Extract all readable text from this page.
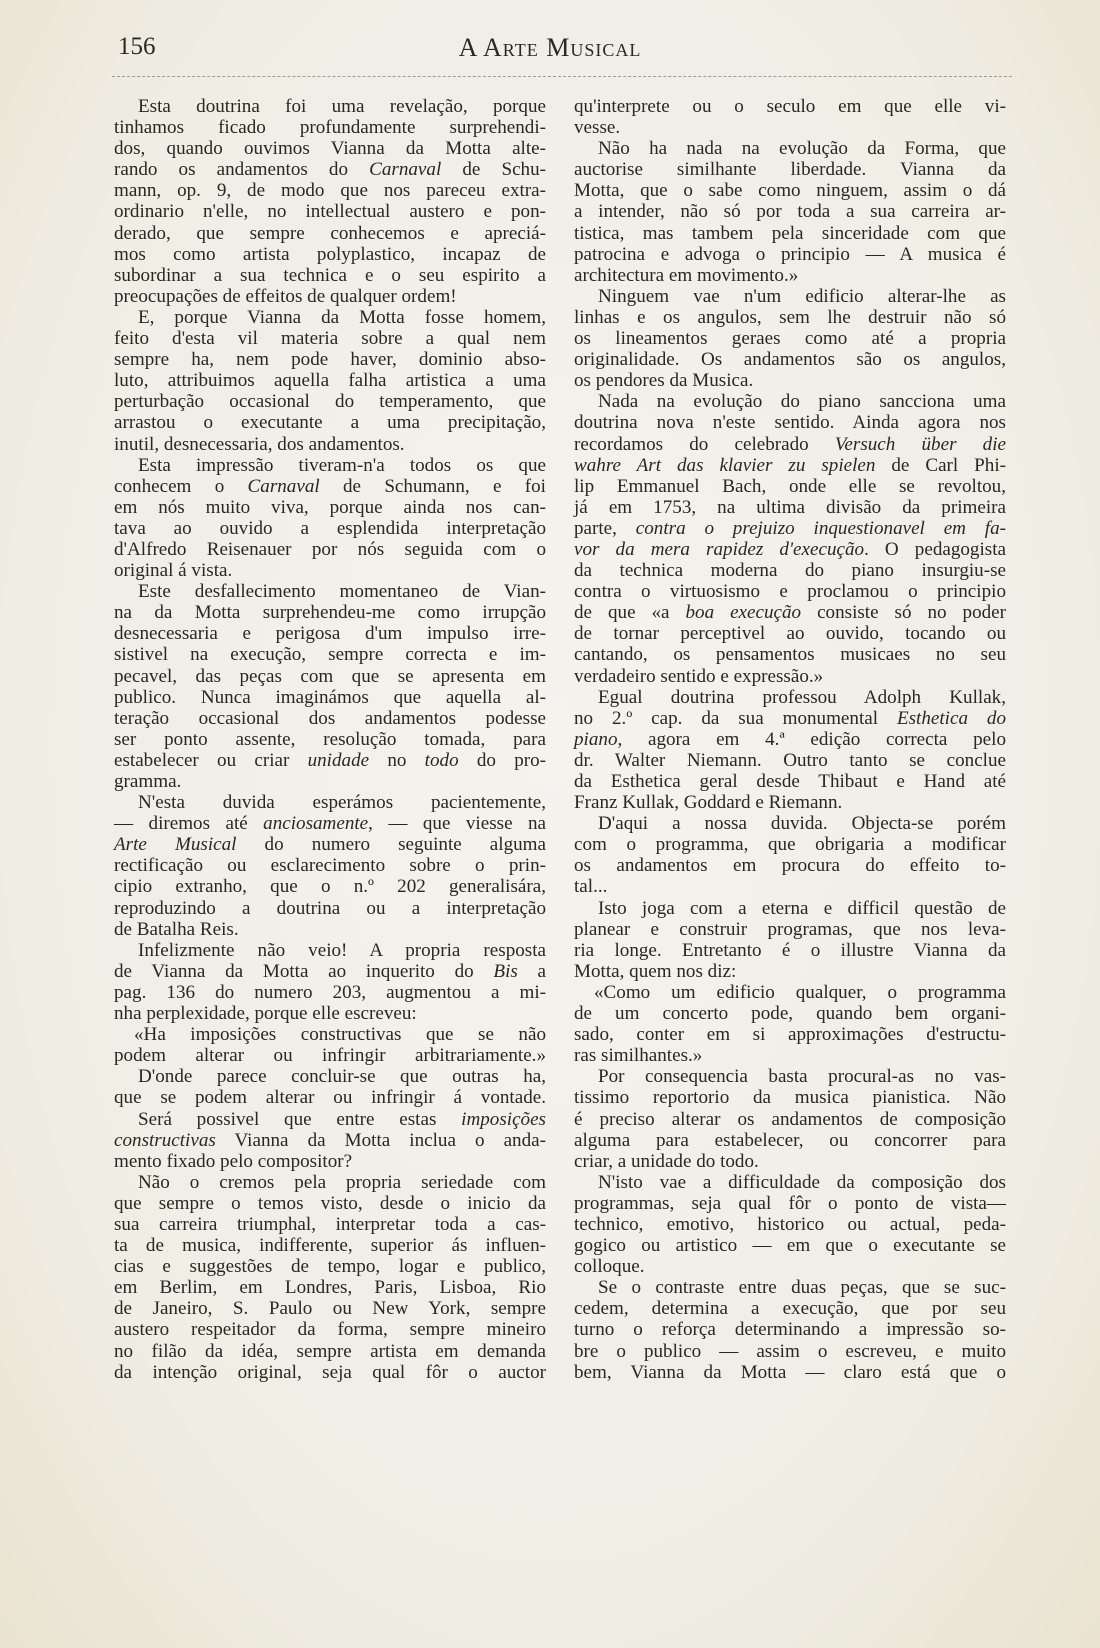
156	A Arte Musical
Esta doutrina foi uma revelação, porque
tinhamos ficado profundamente surprehendi-
dos, quando ouvimos Vianna da Motta alte-
rando os andamentos do Carnaval de Schu-
mann, op. 9, de modo que nos pareceu extra-
ordinario n'elle, no intellectual austero e pon-
derado, que sempre conhecemos e apreciá-
mos como artista polyplastico, incapaz de
subordinar a sua technica e o seu espirito a
preocupações de effeitos de qualquer ordem!
E, porque Vianna da Motta fosse homem,
feito d'esta vil materia sobre a qual nem
sempre ha, nem pode haver, dominio abso-
luto, attribuimos aquella falha artistica a uma
perturbação occasional do temperamento, que
arrastou o executante a uma precipitação,
inutil, desnecessaria, dos andamentos.
Esta impressão tiveram-n'a todos os que
conhecem o Carnaval de Schumann, e foi
em nós muito viva, porque ainda nos can-
tava ao ouvido a esplendida interpretação
d'Alfredo Reisenauer por nós seguida com o
original á vista.
Este desfallecimento momentaneo de Vian-
na da Motta surprehendeu-me como irrupção
desnecessaria e perigosa d'um impulso irre-
sistivel na execução, sempre correcta e im-
pecavel, das peças com que se apresenta em
publico. Nunca imaginámos que aquella al-
teração occasional dos andamentos podesse
ser ponto assente, resolução tomada, para
estabelecer ou criar unidade no todo do pro-
gramma.
N'esta duvida esperámos pacientemente,
— diremos até anciosamente, — que viesse na
Arte Musical do numero seguinte alguma
rectificação ou esclarecimento sobre o prin-
cipio extranho, que o n.º 202 generalisára,
reproduzindo a doutrina ou a interpretação
de Batalha Reis.
Infelizmente não veio! A propria resposta
de Vianna da Motta ao inquerito do Bis a
pag. 136 do numero 203, augmentou a mi-
nha perplexidade, porque elle escreveu:
«Ha imposições constructivas que se não
podem alterar ou infringir arbitrariamente.»
D'onde parece concluir-se que outras ha,
que se podem alterar ou infringir á vontade.
Será possivel que entre estas imposições
constructivas Vianna da Motta inclua o anda-
mento fixado pelo compositor?
Não o cremos pela propria seriedade com
que sempre o temos visto, desde o inicio da
sua carreira triumphal, interpretar toda a cas-
ta de musica, indifferente, superior ás influen-
cias e suggestões de tempo, logar e publico,
em Berlim, em Londres, Paris, Lisboa, Rio
de Janeiro, S. Paulo ou New York, sempre
austero respeitador da forma, sempre mineiro
no filão da idéa, sempre artista em demanda
da intenção original, seja qual fôr o auctor
qu'interprete ou o seculo em que elle vi-
vesse.
Não ha nada na evolução da Forma, que
auctorise similhante liberdade. Vianna da
Motta, que o sabe como ninguem, assim o dá
a intender, não só por toda a sua carreira ar-
tistica, mas tambem pela sinceridade com que
patrocina e advoga o principio — A musica é
architectura em movimento.»
Ninguem vae n'um edificio alterar-lhe as
linhas e os angulos, sem lhe destruir não só
os lineamentos geraes como até a propria
originalidade. Os andamentos são os angulos,
os pendores da Musica.
Nada na evolução do piano sancciona uma
doutrina nova n'este sentido. Ainda agora nos
recordamos do celebrado Versuch über die
wahre Art das klavier zu spielen de Carl Phi-
lip Emmanuel Bach, onde elle se revoltou,
já em 1753, na ultima divisão da primeira
parte, contra o prejuizo inquestionavel em fa-
vor da mera rapidez d'execução. O pedagogista
da technica moderna do piano insurgiu-se
contra o virtuosismo e proclamou o principio
de que «a boa execução consiste só no poder
de tornar perceptivel ao ouvido, tocando ou
cantando, os pensamentos musicaes no seu
verdadeiro sentido e expressão.»
Egual doutrina professou Adolph Kullak,
no 2.º cap. da sua monumental Esthetica do
piano, agora em 4.ª edição correcta pelo
dr. Walter Niemann. Outro tanto se conclue
da Esthetica geral desde Thibaut e Hand até
Franz Kullak, Goddard e Riemann.
D'aqui a nossa duvida. Objecta-se porém
com o programma, que obrigaria a modificar
os andamentos em procura do effeito to-
tal...
Isto joga com a eterna e difficil questão de
planear e construir programas, que nos leva-
ria longe. Entretanto é o illustre Vianna da
Motta, quem nos diz:
«Como um edificio qualquer, o programma
de um concerto pode, quando bem organi-
sado, conter em si approximações d'estructu-
ras similhantes.»
Por consequencia basta procural-as no vas-
tissimo reportorio da musica pianistica. Não
é preciso alterar os andamentos de composição
alguma para estabelecer, ou concorrer para
criar, a unidade do todo.
N'isto vae a difficuldade da composição dos
programmas, seja qual fôr o ponto de vista—
technico, emotivo, historico ou actual, peda-
gogico ou artistico — em que o executante se
colloque.
Se o contraste entre duas peças, que se suc-
cedem, determina a execução, que por seu
turno o reforça determinando a impressão so-
bre o publico — assim o escreveu, e muito
bem, Vianna da Motta — claro está que o
